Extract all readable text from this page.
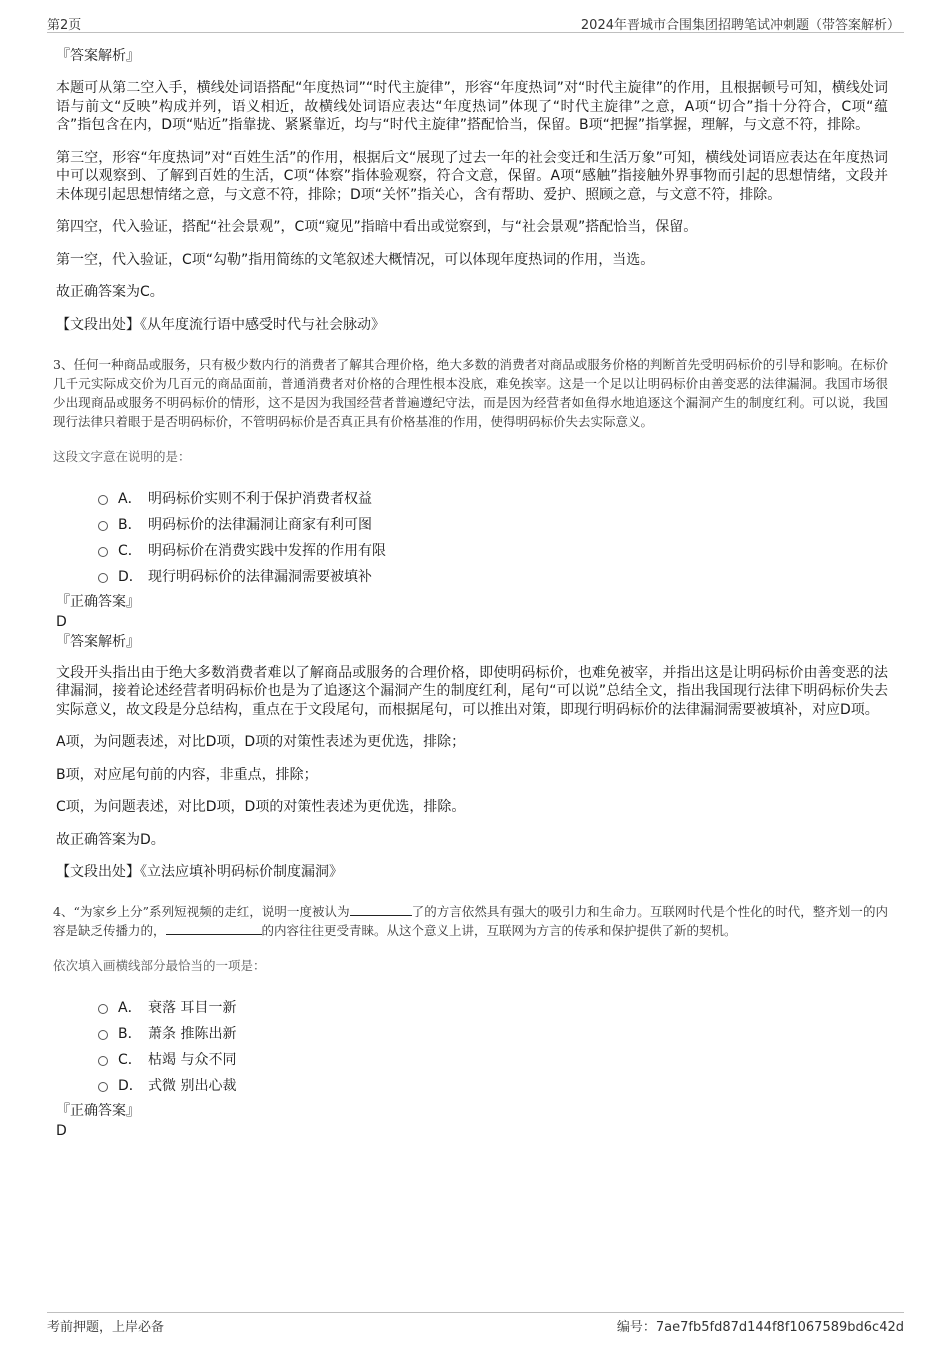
第2页	2024年晋城市合围集团招聘笔试冲刺题（带答案解析）
『答案解析』

本题可从第二空入手，横线处词语搭配“年度热词”“时代主旋律”，形容“年度热词”对“时代主旋律”的作用，且根据顿号可知，横线处词语与前文“反映”构成并列，语义相近，故横线处词语应表达“年度热词”体现了“时代主旋律”之意，A项“切合”指十分符合，C项“蕴含”指包含在内，D项“贴近”指靠拢、紧紧靠近，均与“时代主旋律”搭配恰当，保留。B项“把握”指掌握，理解，与文意不符，排除。

第三空，形容“年度热词”对“百姓生活”的作用，根据后文“展现了过去一年的社会变迁和生活万象”可知，横线处词语应表达在年度热词中可以观察到、了解到百姓的生活，C项“体察”指体验观察，符合文意，保留。A项“感触”指接触外界事物而引起的思想情绪，文段并未体现引起思想情绪之意，与文意不符，排除；D项“关怀”指关心，含有帮助、爱护、照顾之意，与文意不符，排除。

第四空，代入验证，搭配“社会景观”，C项“窥见”指暗中看出或觉察到，与“社会景观”搭配恰当，保留。

第一空，代入验证，C项“勾勒”指用简练的文笔叙述大概情况，可以体现年度热词的作用，当选。

故正确答案为C。

【文段出处】《从年度流行语中感受时代与社会脉动》

3、任何一种商品或服务，只有极少数内行的消费者了解其合理价格，绝大多数的消费者对商品或服务价格的判断首先受明码标价的引导和影响。在标价几千元实际成交价为几百元的商品面前，普通消费者对价格的合理性根本没底，难免挨宰。这是一个足以让明码标价由善变恶的法律漏洞。我国市场很少出现商品或服务不明码标价的情形，这不是因为我国经营者普遍遵纪守法，而是因为经营者如鱼得水地追逐这个漏洞产生的制度红利。可以说，我国现行法律只着眼于是否明码标价，不管明码标价是否真正具有价格基准的作用，使得明码标价失去实际意义。

这段文字意在说明的是：
A． 明码标价实则不利于保护消费者权益
B． 明码标价的法律漏洞让商家有利可图
C． 明码标价在消费实践中发挥的作用有限
D． 现行明码标价的法律漏洞需要被填补
『正确答案』
D
『答案解析』

文段开头指出由于绝大多数消费者难以了解商品或服务的合理价格，即使明码标价，也难免被宰，并指出这是让明码标价由善变恶的法律漏洞，接着论述经营者明码标价也是为了追逐这个漏洞产生的制度红利，尾句“可以说”总结全文，指出我国现行法律下明码标价失去实际意义，故文段是分总结构，重点在于文段尾句，而根据尾句，可以推出对策，即现行明码标价的法律漏洞需要被填补，对应D项。

A项，为问题表述，对比D项，D项的对策性表述为更优选，排除；

B项，对应尾句前的内容，非重点，排除；

C项，为问题表述，对比D项，D项的对策性表述为更优选，排除。

故正确答案为D。

【文段出处】《立法应填补明码标价制度漏洞》

4、“为家乡上分”系列短视频的走红，说明一度被认为	了的方言依然具有强大的吸引力和生命力。互联网时代是个性化的时代，整齐划一的内容是缺乏传播力的，	的内容往往更受青睐。从这个意义上讲，互联网为方言的传承和保护提供了新的契机。

依次填入画横线部分最恰当的一项是：
A． 衰落 耳目一新
B． 萧条 推陈出新
C． 枯竭 与众不同
D． 式微 别出心裁
『正确答案』
D
考前押题，上岸必备	编号：7ae7fb5fd87d144f8f1067589bd6c42d
